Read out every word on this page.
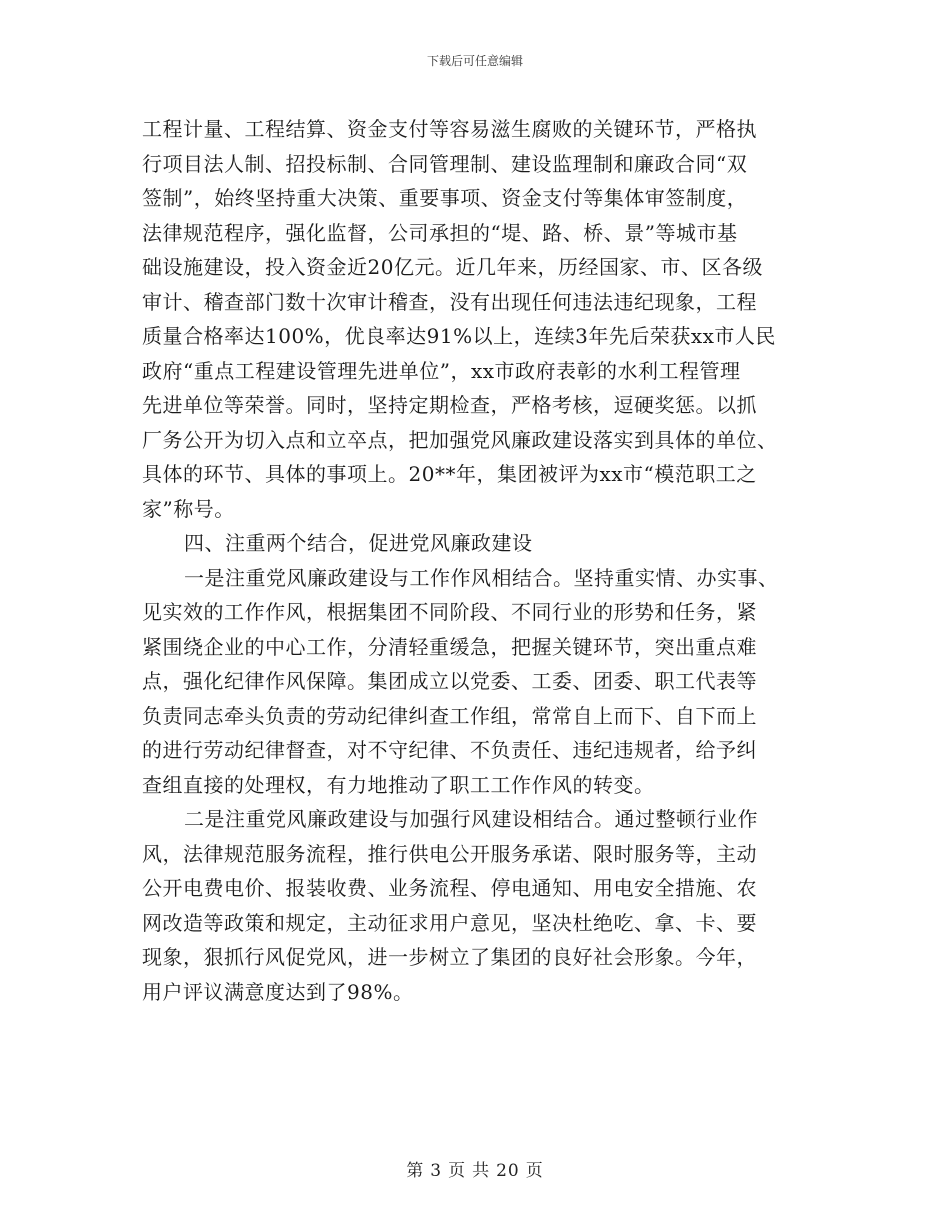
下载后可任意编辑
工程计量、工程结算、资金支付等容易滋生腐败的关键环节，严格执
行项目法人制、招投标制、合同管理制、建设监理制和廉政合同“双
签制”，始终坚持重大决策、重要事项、资金支付等集体审签制度，
法律规范程序，强化监督，公司承担的“堤、路、桥、景”等城市基
础设施建设，投入资金近20亿元。近几年来，历经国家、市、区各级
审计、稽查部门数十次审计稽查，没有出现任何违法违纪现象，工程
质量合格率达100%，优良率达91%以上，连续3年先后荣获xx市人民
政府“重点工程建设管理先进单位”，xx市政府表彰的水利工程管理
先进单位等荣誉。同时，坚持定期检查，严格考核，逗硬奖惩。以抓
厂务公开为切入点和立卒点，把加强党风廉政建设落实到具体的单位、
具体的环节、具体的事项上。20**年，集团被评为xx市“模范职工之
家”称号。
四、注重两个结合，促进党风廉政建设
一是注重党风廉政建设与工作作风相结合。坚持重实情、办实事、
见实效的工作作风，根据集团不同阶段、不同行业的形势和任务，紧
紧围绕企业的中心工作，分清轻重缓急，把握关键环节，突出重点难
点，强化纪律作风保障。集团成立以党委、工委、团委、职工代表等
负责同志牵头负责的劳动纪律纠查工作组，常常自上而下、自下而上
的进行劳动纪律督查，对不守纪律、不负责任、违纪违规者，给予纠
查组直接的处理权，有力地推动了职工工作作风的转变。
二是注重党风廉政建设与加强行风建设相结合。通过整顿行业作
风，法律规范服务流程，推行供电公开服务承诺、限时服务等，主动
公开电费电价、报装收费、业务流程、停电通知、用电安全措施、农
网改造等政策和规定，主动征求用户意见，坚决杜绝吃、拿、卡、要
现象，狠抓行风促党风，进一步树立了集团的良好社会形象。今年，
用户评议满意度达到了98%。
第 3 页 共 20 页
